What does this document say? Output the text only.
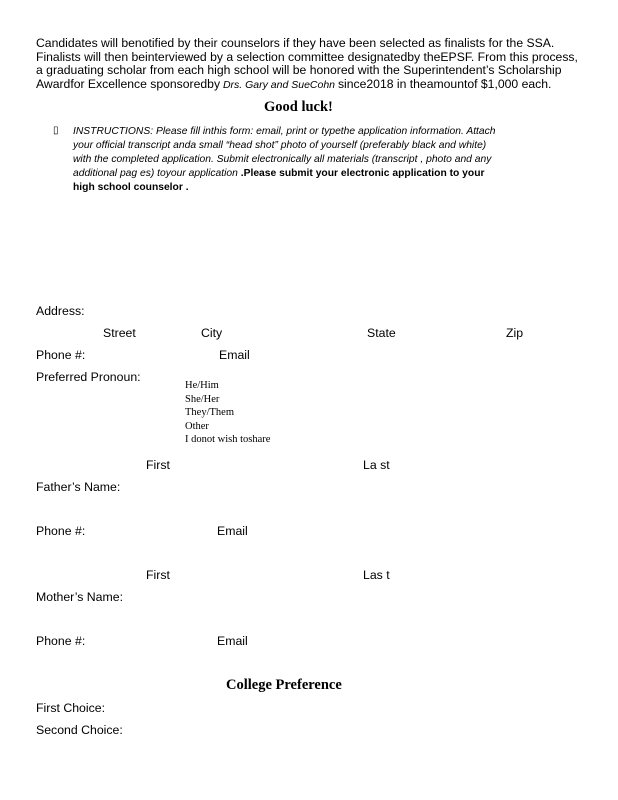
Candidates will benotified by their counselors if they have been selected as finalists for the SSA.
Finalists will then beinterviewed by a selection committee designatedby theEPSF. From this process,
a graduating scholar from each high school will be honored with the Superintendent’s Scholarship
Awardfor Excellence sponsoredby Drs. Gary and SueCohn since2018 in theamountof $1,000 each.
Good luck!
▯ INSTRUCTIONS: Please fill inthis form: email, print or typethe application information. Attach
your official transcript anda small “head shot” photo of yourself (preferably black and white)
with the completed application. Submit electronically all materials (transcript , photo and any
additional pag es) toyour application .Please submit your electronic application to your
high school counselor .
Address:
Street	City	State	Zip
Phone #:	Email
Preferred Pronoun:
He/Him
She/Her
They/Them
Other
I donot wish toshare
First	La st
Father’s Name:
Phone #:	Email
First	Las t
Mother’s Name:
Phone #:	Email
College Preference
First Choice:
Second Choice:
